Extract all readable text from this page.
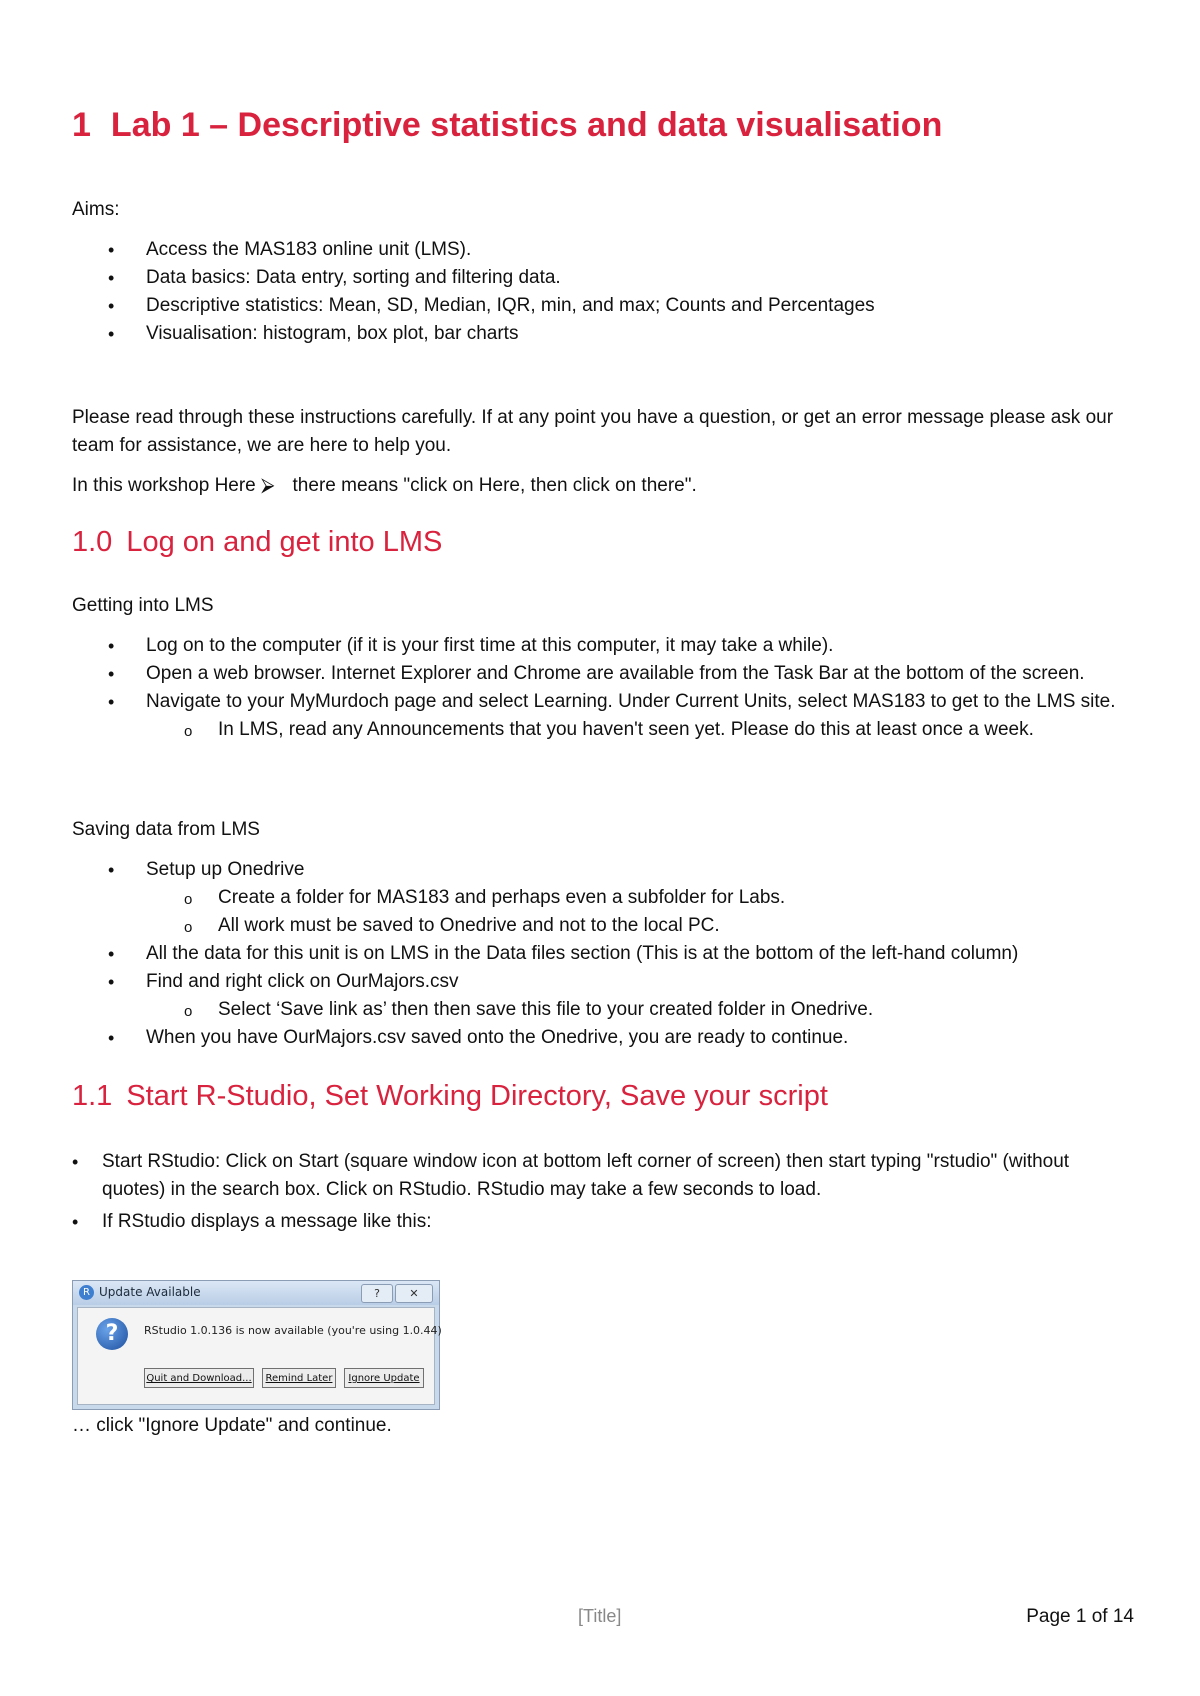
1 Lab 1 – Descriptive statistics and data visualisation

Aims:

• Access the MAS183 online unit (LMS).
• Data basics: Data entry, sorting and filtering data.
• Descriptive statistics: Mean, SD, Median, IQR, min, and max; Counts and Percentages
• Visualisation: histogram, box plot, bar charts

Please read through these instructions carefully. If at any point you have a question, or get an error message please ask our team for assistance, we are here to help you.

In this workshop Here ⮚ there means "click on Here, then click on there".

1.0 Log on and get into LMS

Getting into LMS

• Log on to the computer (if it is your first time at this computer, it may take a while).
• Open a web browser. Internet Explorer and Chrome are available from the Task Bar at the bottom of the screen.
• Navigate to your MyMurdoch page and select Learning. Under Current Units, select MAS183 to get to the LMS site.
o In LMS, read any Announcements that you haven't seen yet. Please do this at least once a week.

Saving data from LMS

• Setup up Onedrive
o Create a folder for MAS183 and perhaps even a subfolder for Labs.
o All work must be saved to Onedrive and not to the local PC.
• All the data for this unit is on LMS in the Data files section (This is at the bottom of the left-hand column)
• Find and right click on OurMajors.csv
o Select ‘Save link as’ then then save this file to your created folder in Onedrive.
• When you have OurMajors.csv saved onto the Onedrive, you are ready to continue.
1.1 Start R-Studio, Set Working Directory, Save your script
• Start RStudio: Click on Start (square window icon at bottom left corner of screen) then start typing "rstudio" (without quotes) in the search box. Click on RStudio. RStudio may take a few seconds to load.
• If RStudio displays a message like this:
R Update Available	?	✕
?	RStudio 1.0.136 is now available (you're using 1.0.44)
Quit and Download...	Remind Later	Ignore Update

… click "Ignore Update" and continue.

[Title]	Page 1 of 14
